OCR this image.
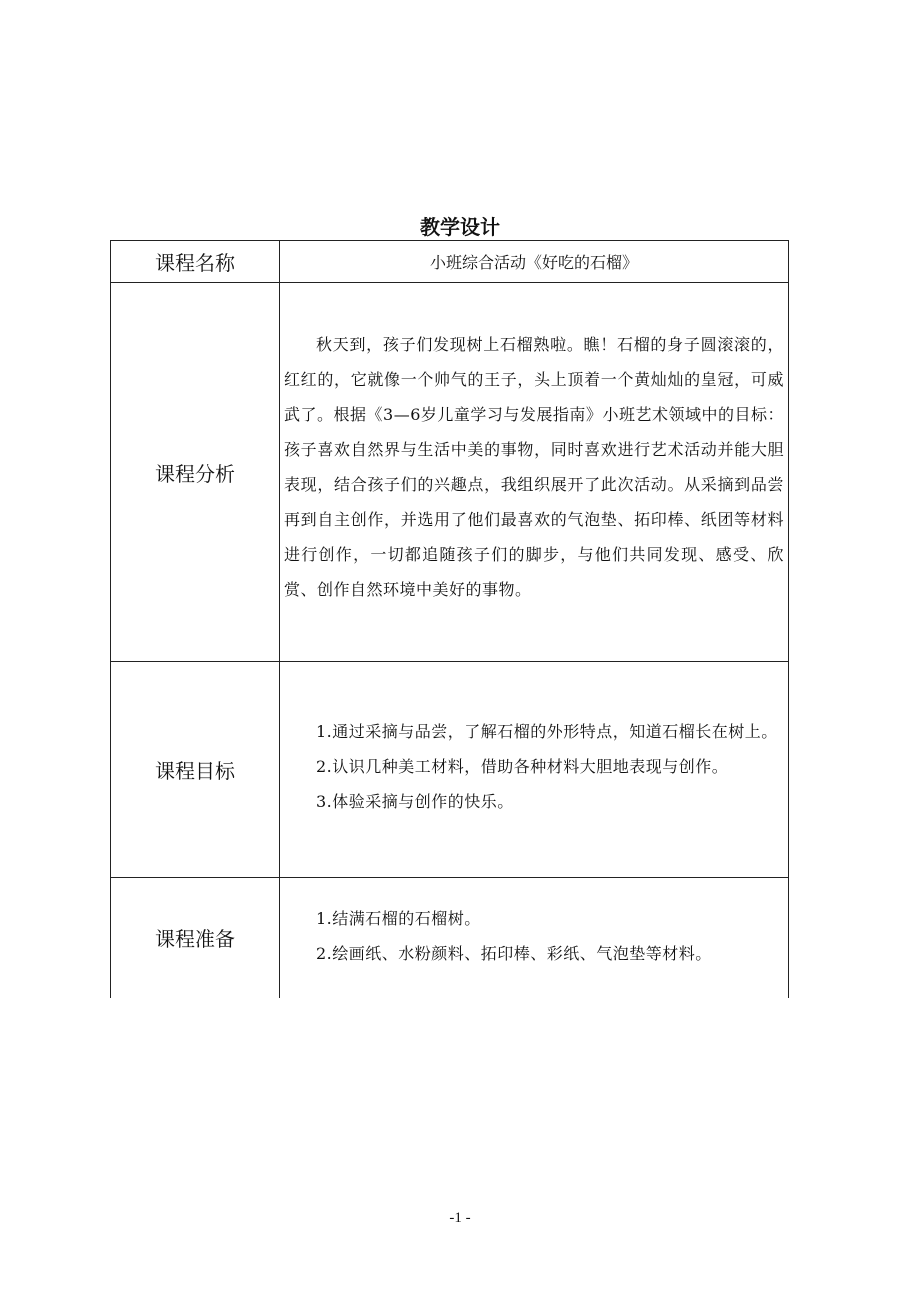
教学设计
课程名称	小班综合活动《好吃的石榴》
课程分析	秋天到，孩子们发现树上石榴熟啦。瞧！石榴的身子圆滚滚的，红红的，它就像一个帅气的王子，头上顶着一个黄灿灿的皇冠，可威武了。根据《3—6岁儿童学习与发展指南》小班艺术领域中的目标：孩子喜欢自然界与生活中美的事物，同时喜欢进行艺术活动并能大胆表现，结合孩子们的兴趣点，我组织展开了此次活动。从采摘到品尝再到自主创作，并选用了他们最喜欢的气泡垫、拓印棒、纸团等材料进行创作，一切都追随孩子们的脚步，与他们共同发现、感受、欣赏、创作自然环境中美好的事物。

课程目标	1.通过采摘与品尝，了解石榴的外形特点，知道石榴长在树上。
2.认识几种美工材料，借助各种材料大胆地表现与创作。
3.体验采摘与创作的快乐。

课程准备	1.结满石榴的石榴树。
2.绘画纸、水粉颜料、拓印棒、彩纸、气泡垫等材料。
-1 -
